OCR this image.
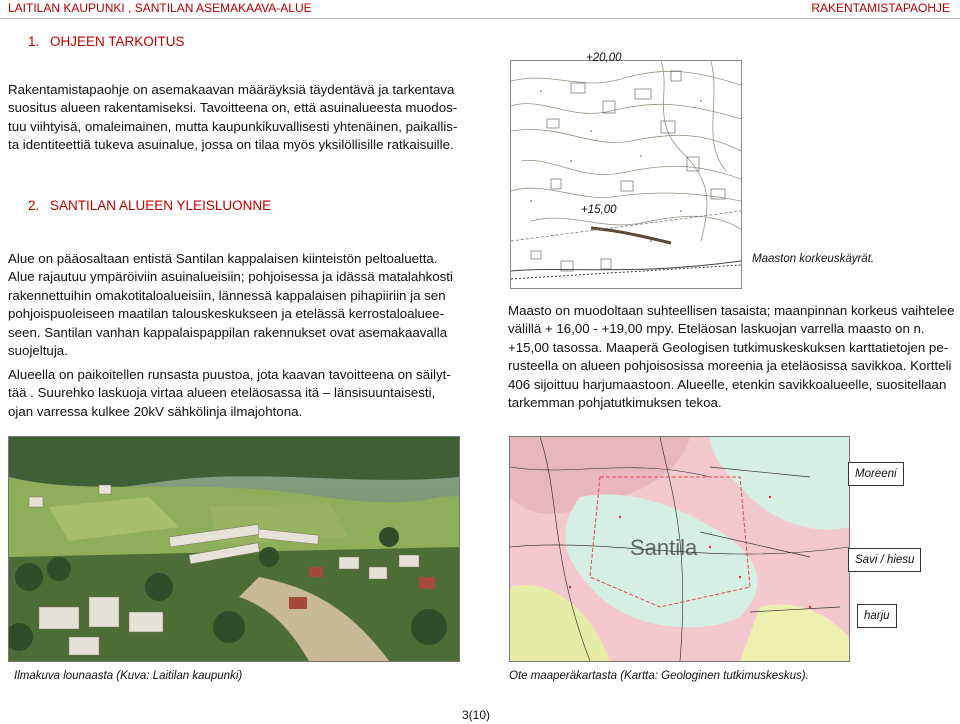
LAITILAN KAUPUNKI , SANTILAN ASEMAKAAVA-ALUE	RAKENTAMISTAPAOHJE
1. OHJEEN TARKOITUS
Rakentamistapaohje on asemakaavan määräyksiä täydentävä ja tarkentava
suositus alueen rakentamiseksi. Tavoitteena on, että asuinalueesta muodos-
tuu viihtyisä, omaleimainen, mutta kaupunkikuvallisesti yhtenäinen, paikallis-
ta identiteettiä tukeva asuinalue, jossa on tilaa myös yksilöllisille ratkaisuille.
2. SANTILAN ALUEEN YLEISLUONNE
Alue on pääosaltaan entistä Santilan kappalaisen kiinteistön peltoaluetta.
Alue rajautuu ympäröiviin asuinalueisiin; pohjoisessa ja idässä matalahkosti
rakennettuihin omakotitaloalueisiin, lännessä kappalaisen pihapiiriin ja sen
pohjoispuoleiseen maatilan talouskeskukseen ja etelässä kerrostaloaluee-
seen. Santilan vanhan kappalaispappilan rakennukset ovat asemakaavalla
suojeltuja.
Alueella on paikoitellen runsasta puustoa, jota kaavan tavoitteena on säilyt-
tää . Suurehko laskuoja virtaa alueen eteläosassa itä – länsisuuntaisesti,
ojan varressa kulkee 20kV sähkölinja ilmajohtona.
+20,00
+15,00
Maaston korkeuskäyrät.
Maasto on muodoltaan suhteellisen tasaista; maanpinnan korkeus vaihtelee
välillä + 16,00 - +19,00 mpy. Eteläosan laskuojan varrella maasto on n.
+15,00 tasossa. Maaperä Geologisen tutkimuskeskuksen karttatietojen pe-
rusteella on alueen pohjoisosissa moreenia ja eteläosissa savikkoa. Kortteli
406 sijoittuu harjumaastoon. Alueelle, etenkin savikkoalueelle, suositellaan
tarkemman pohjatutkimuksen tekoa.
Ilmakuva lounaasta (Kuva: Laitilan kaupunki)
Santila
Moreeni
Savi / hiesu
harju
Ote maaperäkartasta (Kartta: Geologinen tutkimuskeskus).
3(10)
